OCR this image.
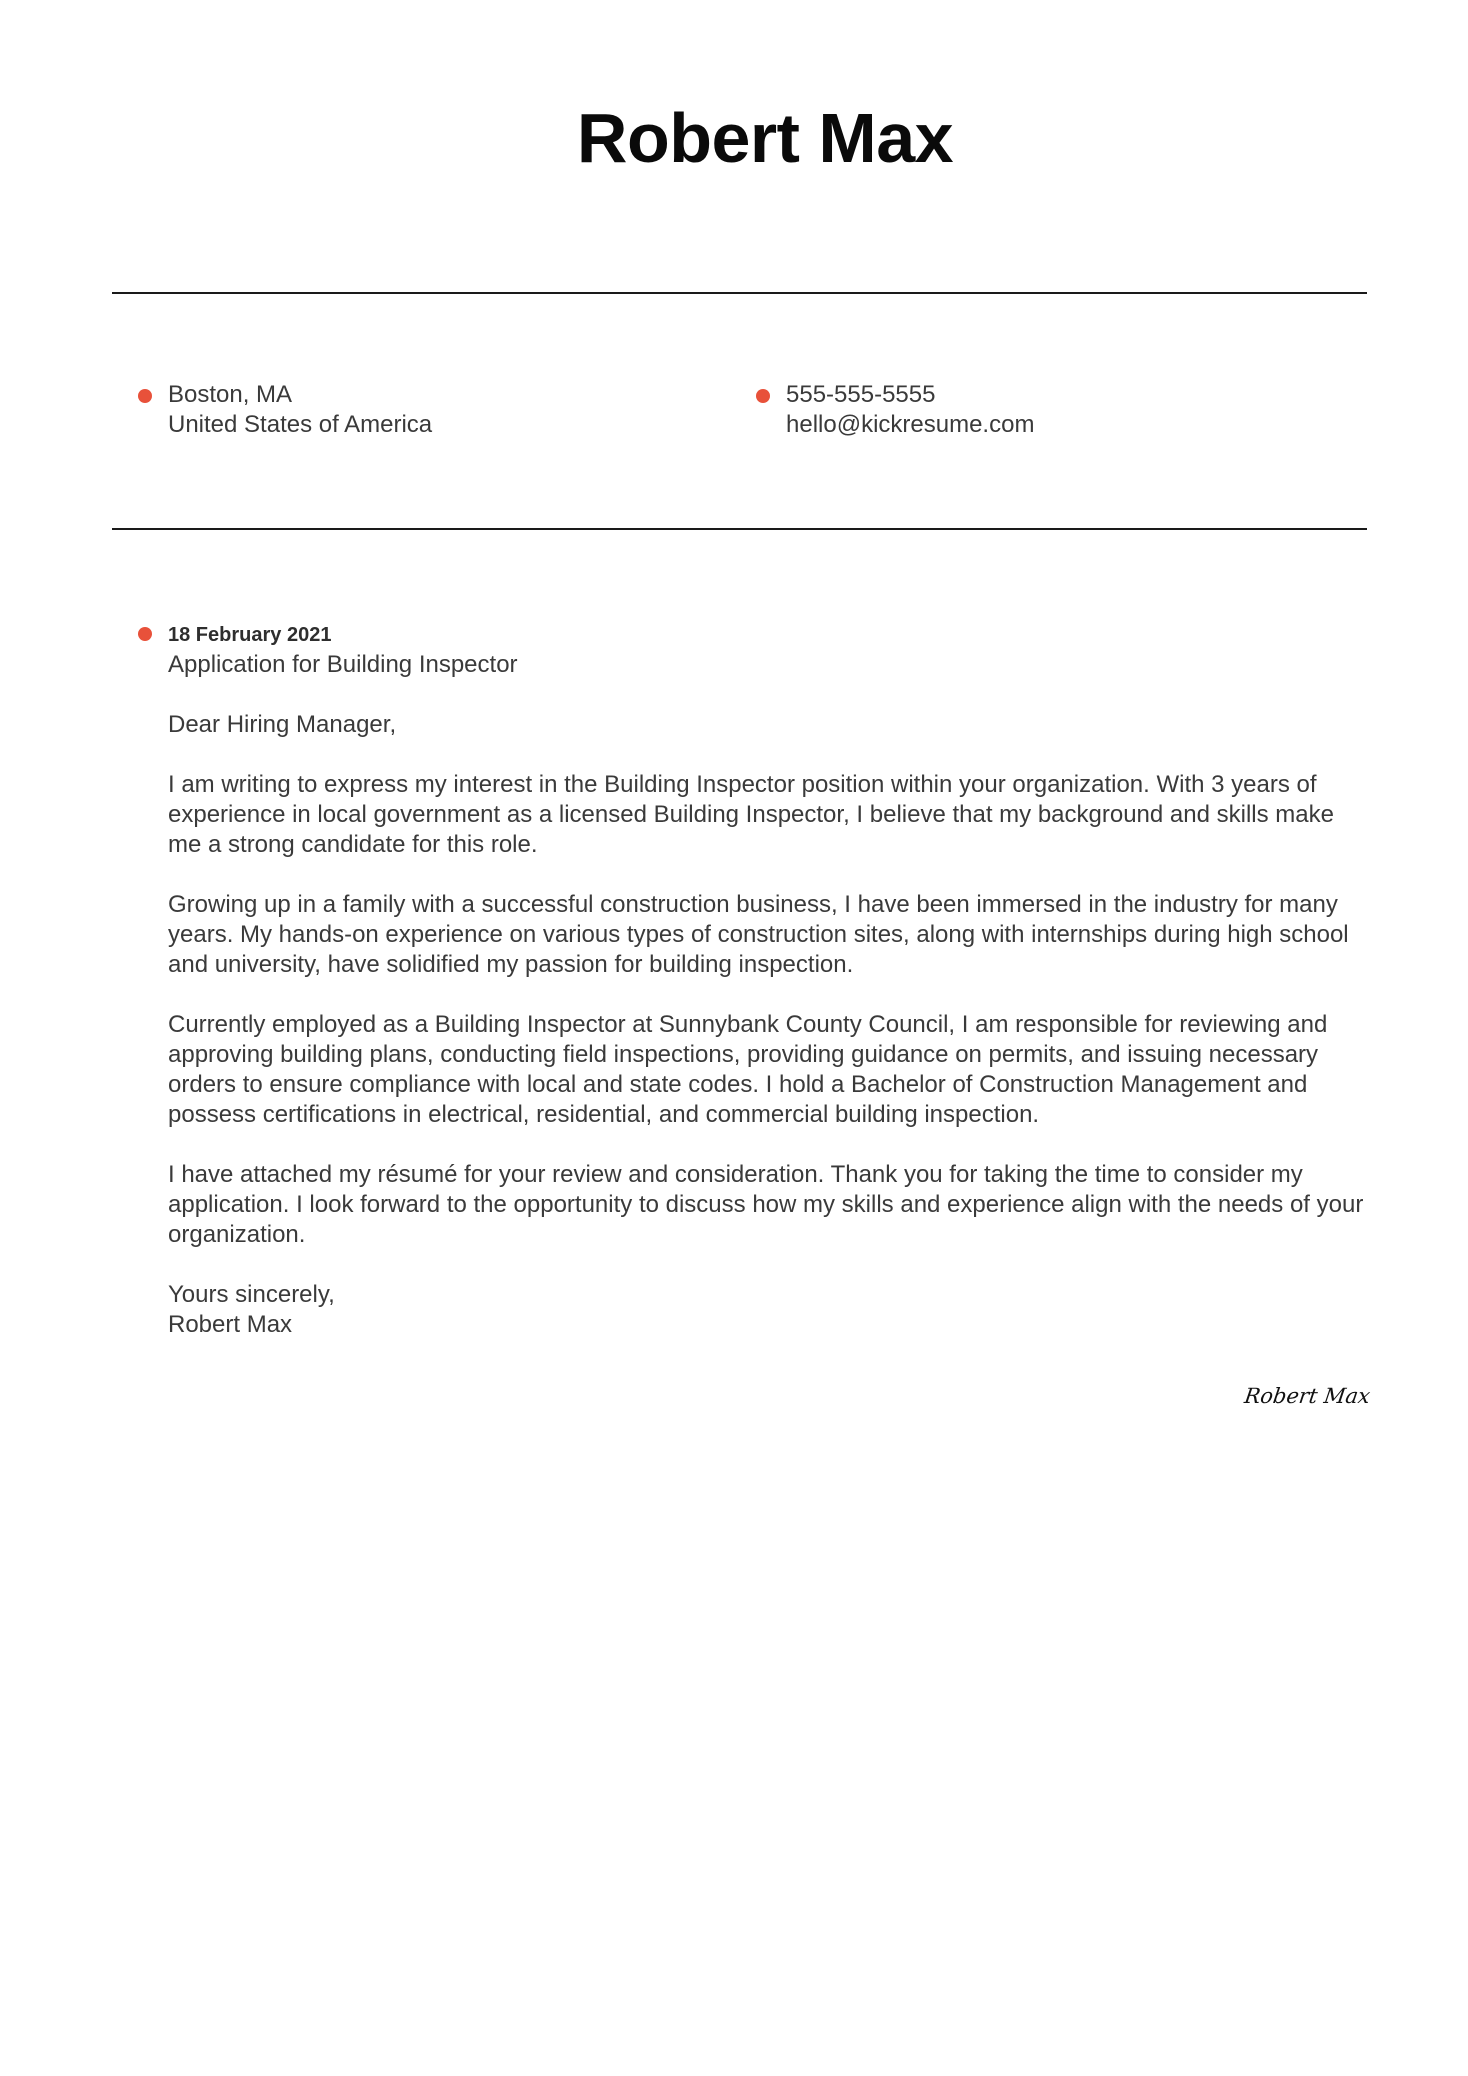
Robert Max
Boston, MA
United States of America
555-555-5555
hello@kickresume.com
18 February 2021
Application for Building Inspector

Dear Hiring Manager,

I am writing to express my interest in the Building Inspector position within your organization. With 3 years of experience in local government as a licensed Building Inspector, I believe that my background and skills make me a strong candidate for this role.

Growing up in a family with a successful construction business, I have been immersed in the industry for many years. My hands-on experience on various types of construction sites, along with internships during high school and university, have solidified my passion for building inspection.

Currently employed as a Building Inspector at Sunnybank County Council, I am responsible for reviewing and approving building plans, conducting field inspections, providing guidance on permits, and issuing necessary orders to ensure compliance with local and state codes. I hold a Bachelor of Construction Management and possess certifications in electrical, residential, and commercial building inspection.

I have attached my résumé for your review and consideration. Thank you for taking the time to consider my application. I look forward to the opportunity to discuss how my skills and experience align with the needs of your organization.

Yours sincerely,
Robert Max
Robert Max
